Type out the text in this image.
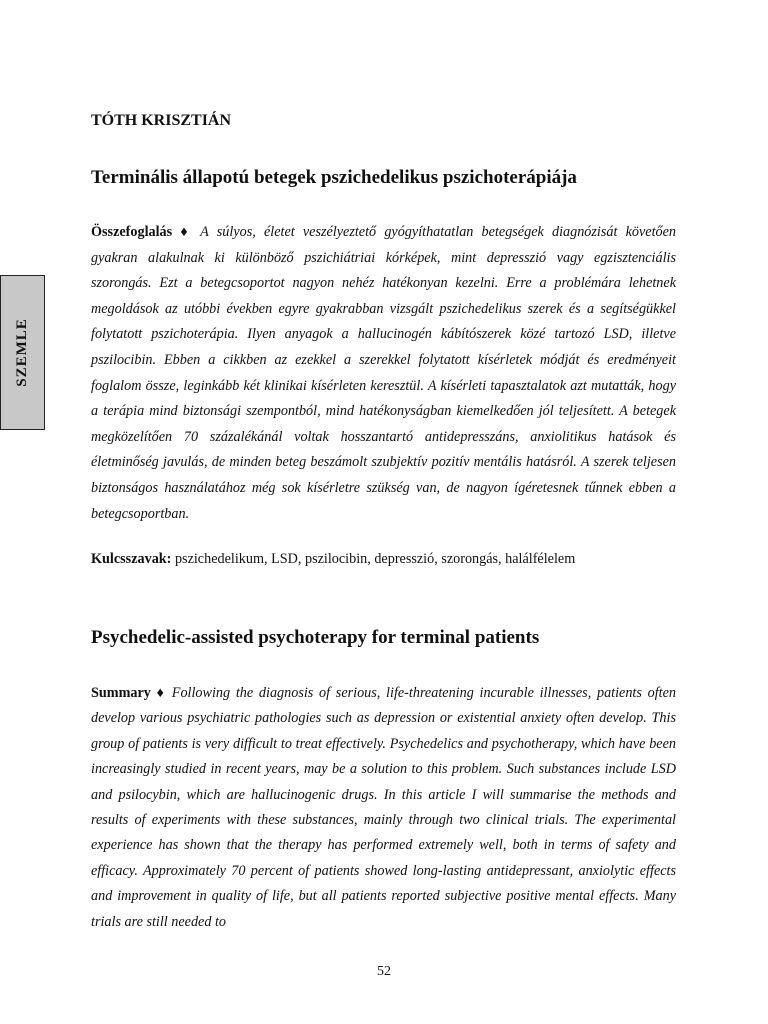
SZEMLE
TÓTH KRISZTIÁN
Terminális állapotú betegek pszichedelikus pszichoterápiája
Összefoglalás ♦ A súlyos, életet veszélyeztető gyógyíthatatlan betegségek diagnózisát követően gyakran alakulnak ki különböző pszichiátriai kórképek, mint depresszió vagy egzisztenciális szorongás. Ezt a betegcsoportot nagyon nehéz hatékonyan kezelni. Erre a problémára lehetnek megoldások az utóbbi években egyre gyakrabban vizsgált pszichedelikus szerek és a segítségükkel folytatott pszichoterápia. Ilyen anyagok a hallucinogén kábítószerek közé tartozó LSD, illetve pszilocibin. Ebben a cikkben az ezekkel a szerekkel folytatott kísérletek módját és eredményeit foglalom össze, leginkább két klinikai kísérleten keresztül. A kísérleti tapasztalatok azt mutatták, hogy a terápia mind biztonsági szempontból, mind hatékonyságban kiemelkedően jól teljesített. A betegek megközelítően 70 százalékánál voltak hosszantartó antidepresszáns, anxiolitikus hatások és életminőség javulás, de minden beteg beszámolt szubjektív pozitív mentális hatásról. A szerek teljesen biztonságos használatához még sok kísérletre szükség van, de nagyon ígéretesnek tűnnek ebben a betegcsoportban.
Kulcsszavak: pszichedelikum, LSD, pszilocibin, depresszió, szorongás, halálfélelem
Psychedelic-assisted psychoterapy for terminal patients
Summary ♦ Following the diagnosis of serious, life-threatening incurable illnesses, patients often develop various psychiatric pathologies such as depression or existential anxiety often develop. This group of patients is very difficult to treat effectively. Psychedelics and psychotherapy, which have been increasingly studied in recent years, may be a solution to this problem. Such substances include LSD and psilocybin, which are hallucinogenic drugs. In this article I will summarise the methods and results of experiments with these substances, mainly through two clinical trials. The experimental experience has shown that the therapy has performed extremely well, both in terms of safety and efficacy. Approximately 70 percent of patients showed long-lasting antidepressant, anxiolytic effects and improvement in quality of life, but all patients reported subjective positive mental effects. Many trials are still needed to
52
